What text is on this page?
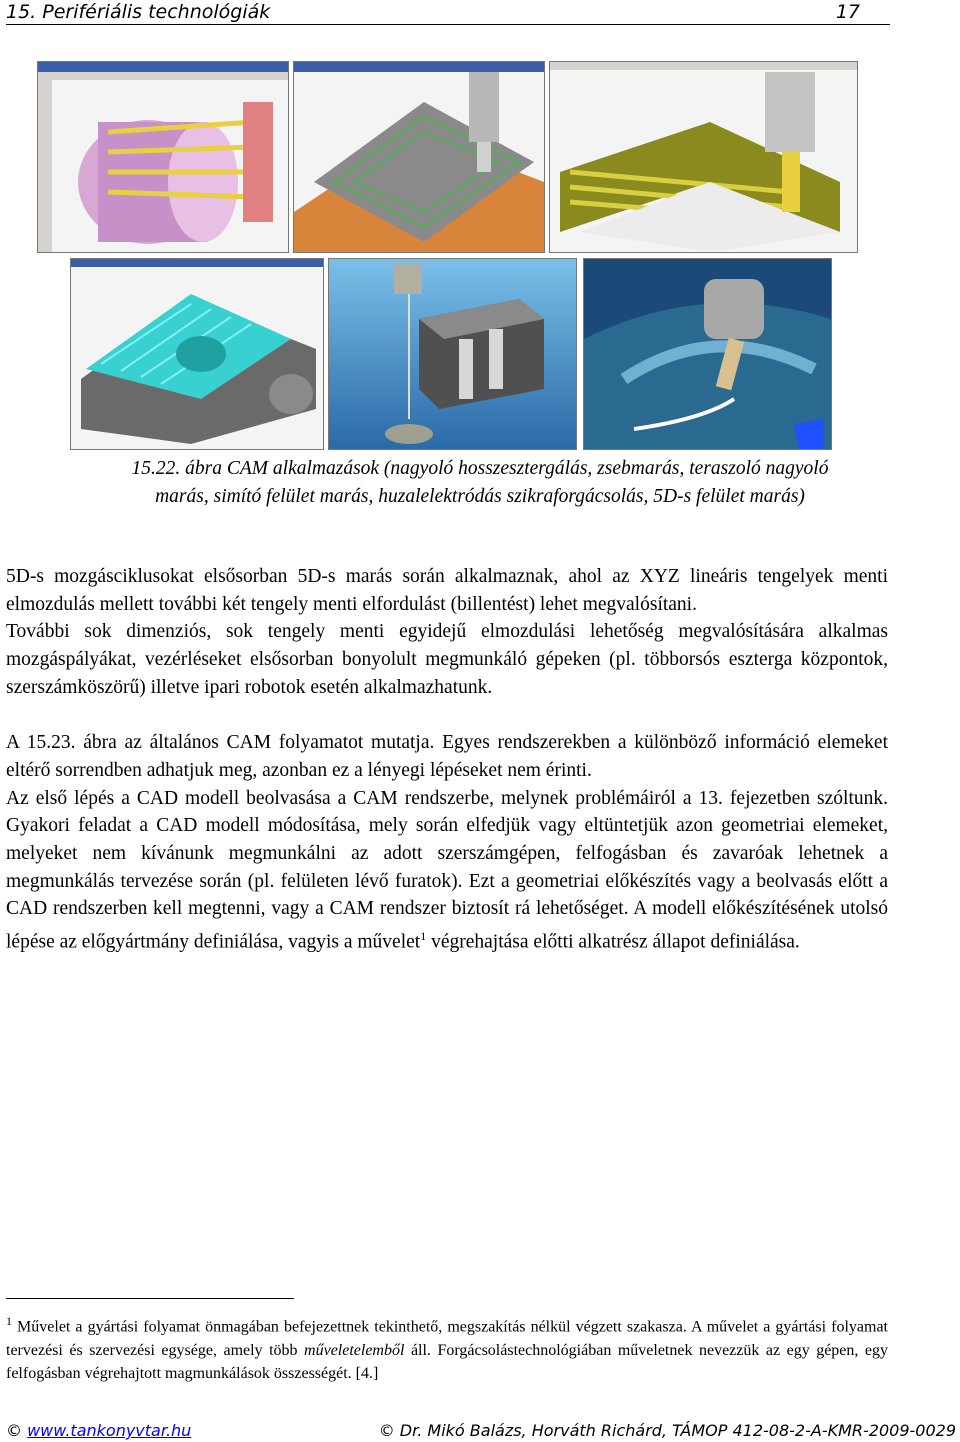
15. Perifériális technológiák	17
15.22. ábra CAM alkalmazások (nagyoló hosszesztergálás, zsebmarás, teraszoló nagyoló marás, simító felület marás, huzalelektródás szikraforgácsolás, 5D-s felület marás)

5D-s mozgásciklusokat elsősorban 5D-s marás során alkalmaznak, ahol az XYZ lineáris tengelyek menti elmozdulás mellett további két tengely menti elfordulást (billentést) lehet megvalósítani.

További sok dimenziós, sok tengely menti egyidejű elmozdulási lehetőség megvalósítására alkalmas mozgáspályákat, vezérléseket elsősorban bonyolult megmunkáló gépeken (pl. többorsós eszterga központok, szerszámköszörű) illetve ipari robotok esetén alkalmazhatunk.

A 15.23. ábra az általános CAM folyamatot mutatja. Egyes rendszerekben a különböző információ elemeket eltérő sorrendben adhatjuk meg, azonban ez a lényegi lépéseket nem érinti.

Az első lépés a CAD modell beolvasása a CAM rendszerbe, melynek problémáiról a 13. fejezetben szóltunk. Gyakori feladat a CAD modell módosítása, mely során elfedjük vagy eltüntetjük azon geometriai elemeket, melyeket nem kívánunk megmunkálni az adott szerszámgépen, felfogásban és zavaróak lehetnek a megmunkálás tervezése során (pl. felületen lévő furatok). Ezt a geometriai előkészítés vagy a beolvasás előtt a CAD rendszerben kell megtenni, vagy a CAM rendszer biztosít rá lehetőséget. A modell előkészítésének utolsó lépése az előgyártmány definiálása, vagyis a művelet$^1$ végrehajtása előtti alkatrész állapot definiálása.

$^1$ Művelet a gyártási folyamat önmagában befejezettnek tekinthető, megszakítás nélkül végzett szakasza. A művelet a gyártási folyamat tervezési és szervezési egysége, amely több műveletelemből áll. Forgácsolástechnológiában műveletnek nevezzük az egy gépen, egy felfogásban végrehajtott magmunkálások összességét. [4.]
© www.tankonyvtar.hu	© Dr. Mikó Balázs, Horváth Richárd, TÁMOP 412-08-2-A-KMR-2009-0029
